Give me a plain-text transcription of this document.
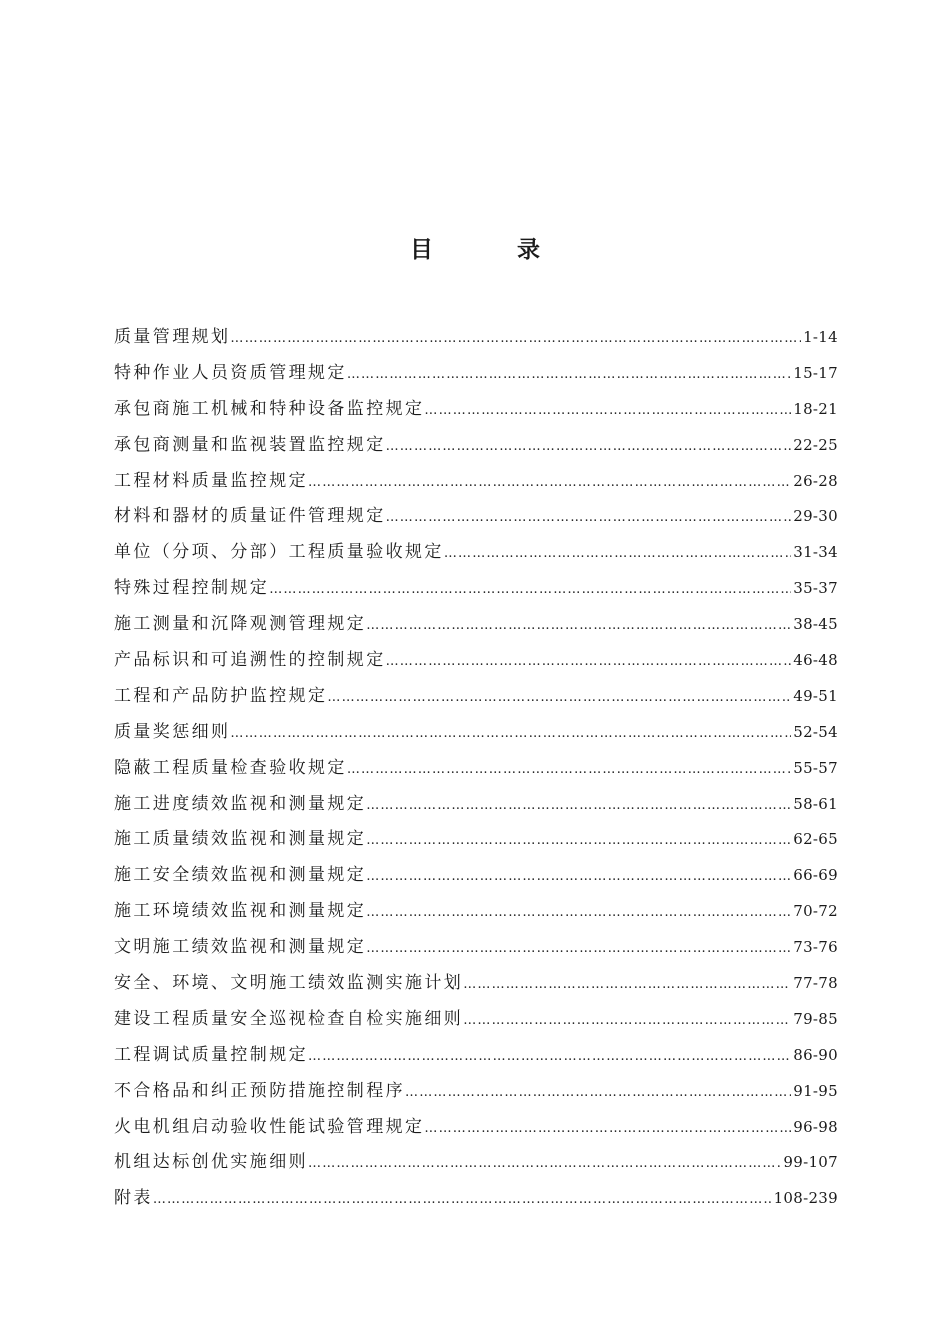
目 录
质量管理规划 …………………………………………………………………………………………………………………………………………………………………………………………………………………………	1-14
特种作业人员资质管理规定 …………………………………………………………………………………………………………………………………………………………………………………………………………………………	15-17
承包商施工机械和特种设备监控规定 …………………………………………………………………………………………………………………………………………………………………………………………………………………………	18-21
承包商测量和监视装置监控规定 …………………………………………………………………………………………………………………………………………………………………………………………………………………………	22-25
工程材料质量监控规定 …………………………………………………………………………………………………………………………………………………………………………………………………………………………	26-28
材料和器材的质量证件管理规定 …………………………………………………………………………………………………………………………………………………………………………………………………………………………	29-30
单位（分项、分部）工程质量验收规定 …………………………………………………………………………………………………………………………………………………………………………………………………………………………	31-34
特殊过程控制规定 …………………………………………………………………………………………………………………………………………………………………………………………………………………………	35-37
施工测量和沉降观测管理规定 …………………………………………………………………………………………………………………………………………………………………………………………………………………………	38-45
产品标识和可追溯性的控制规定 …………………………………………………………………………………………………………………………………………………………………………………………………………………………	46-48
工程和产品防护监控规定 …………………………………………………………………………………………………………………………………………………………………………………………………………………………	49-51
质量奖惩细则 …………………………………………………………………………………………………………………………………………………………………………………………………………………………	52-54
隐蔽工程质量检查验收规定 …………………………………………………………………………………………………………………………………………………………………………………………………………………………	55-57
施工进度绩效监视和测量规定 …………………………………………………………………………………………………………………………………………………………………………………………………………………………	58-61
施工质量绩效监视和测量规定 …………………………………………………………………………………………………………………………………………………………………………………………………………………………	62-65
施工安全绩效监视和测量规定 …………………………………………………………………………………………………………………………………………………………………………………………………………………………	66-69
施工环境绩效监视和测量规定 …………………………………………………………………………………………………………………………………………………………………………………………………………………………	70-72
文明施工绩效监视和测量规定 …………………………………………………………………………………………………………………………………………………………………………………………………………………………	73-76
安全、环境、文明施工绩效监测实施计划 …………………………………………………………………………………………………………………………………………………………………………………………………………………………	77-78
建设工程质量安全巡视检查自检实施细则 …………………………………………………………………………………………………………………………………………………………………………………………………………………………	79-85
工程调试质量控制规定 …………………………………………………………………………………………………………………………………………………………………………………………………………………………	86-90
不合格品和纠正预防措施控制程序 …………………………………………………………………………………………………………………………………………………………………………………………………………………………	91-95
火电机组启动验收性能试验管理规定 …………………………………………………………………………………………………………………………………………………………………………………………………………………………	96-98
机组达标创优实施细则 …………………………………………………………………………………………………………………………………………………………………………………………………………………………	99-107
附表 …………………………………………………………………………………………………………………………………………………………………………………………………………………………	108-239
